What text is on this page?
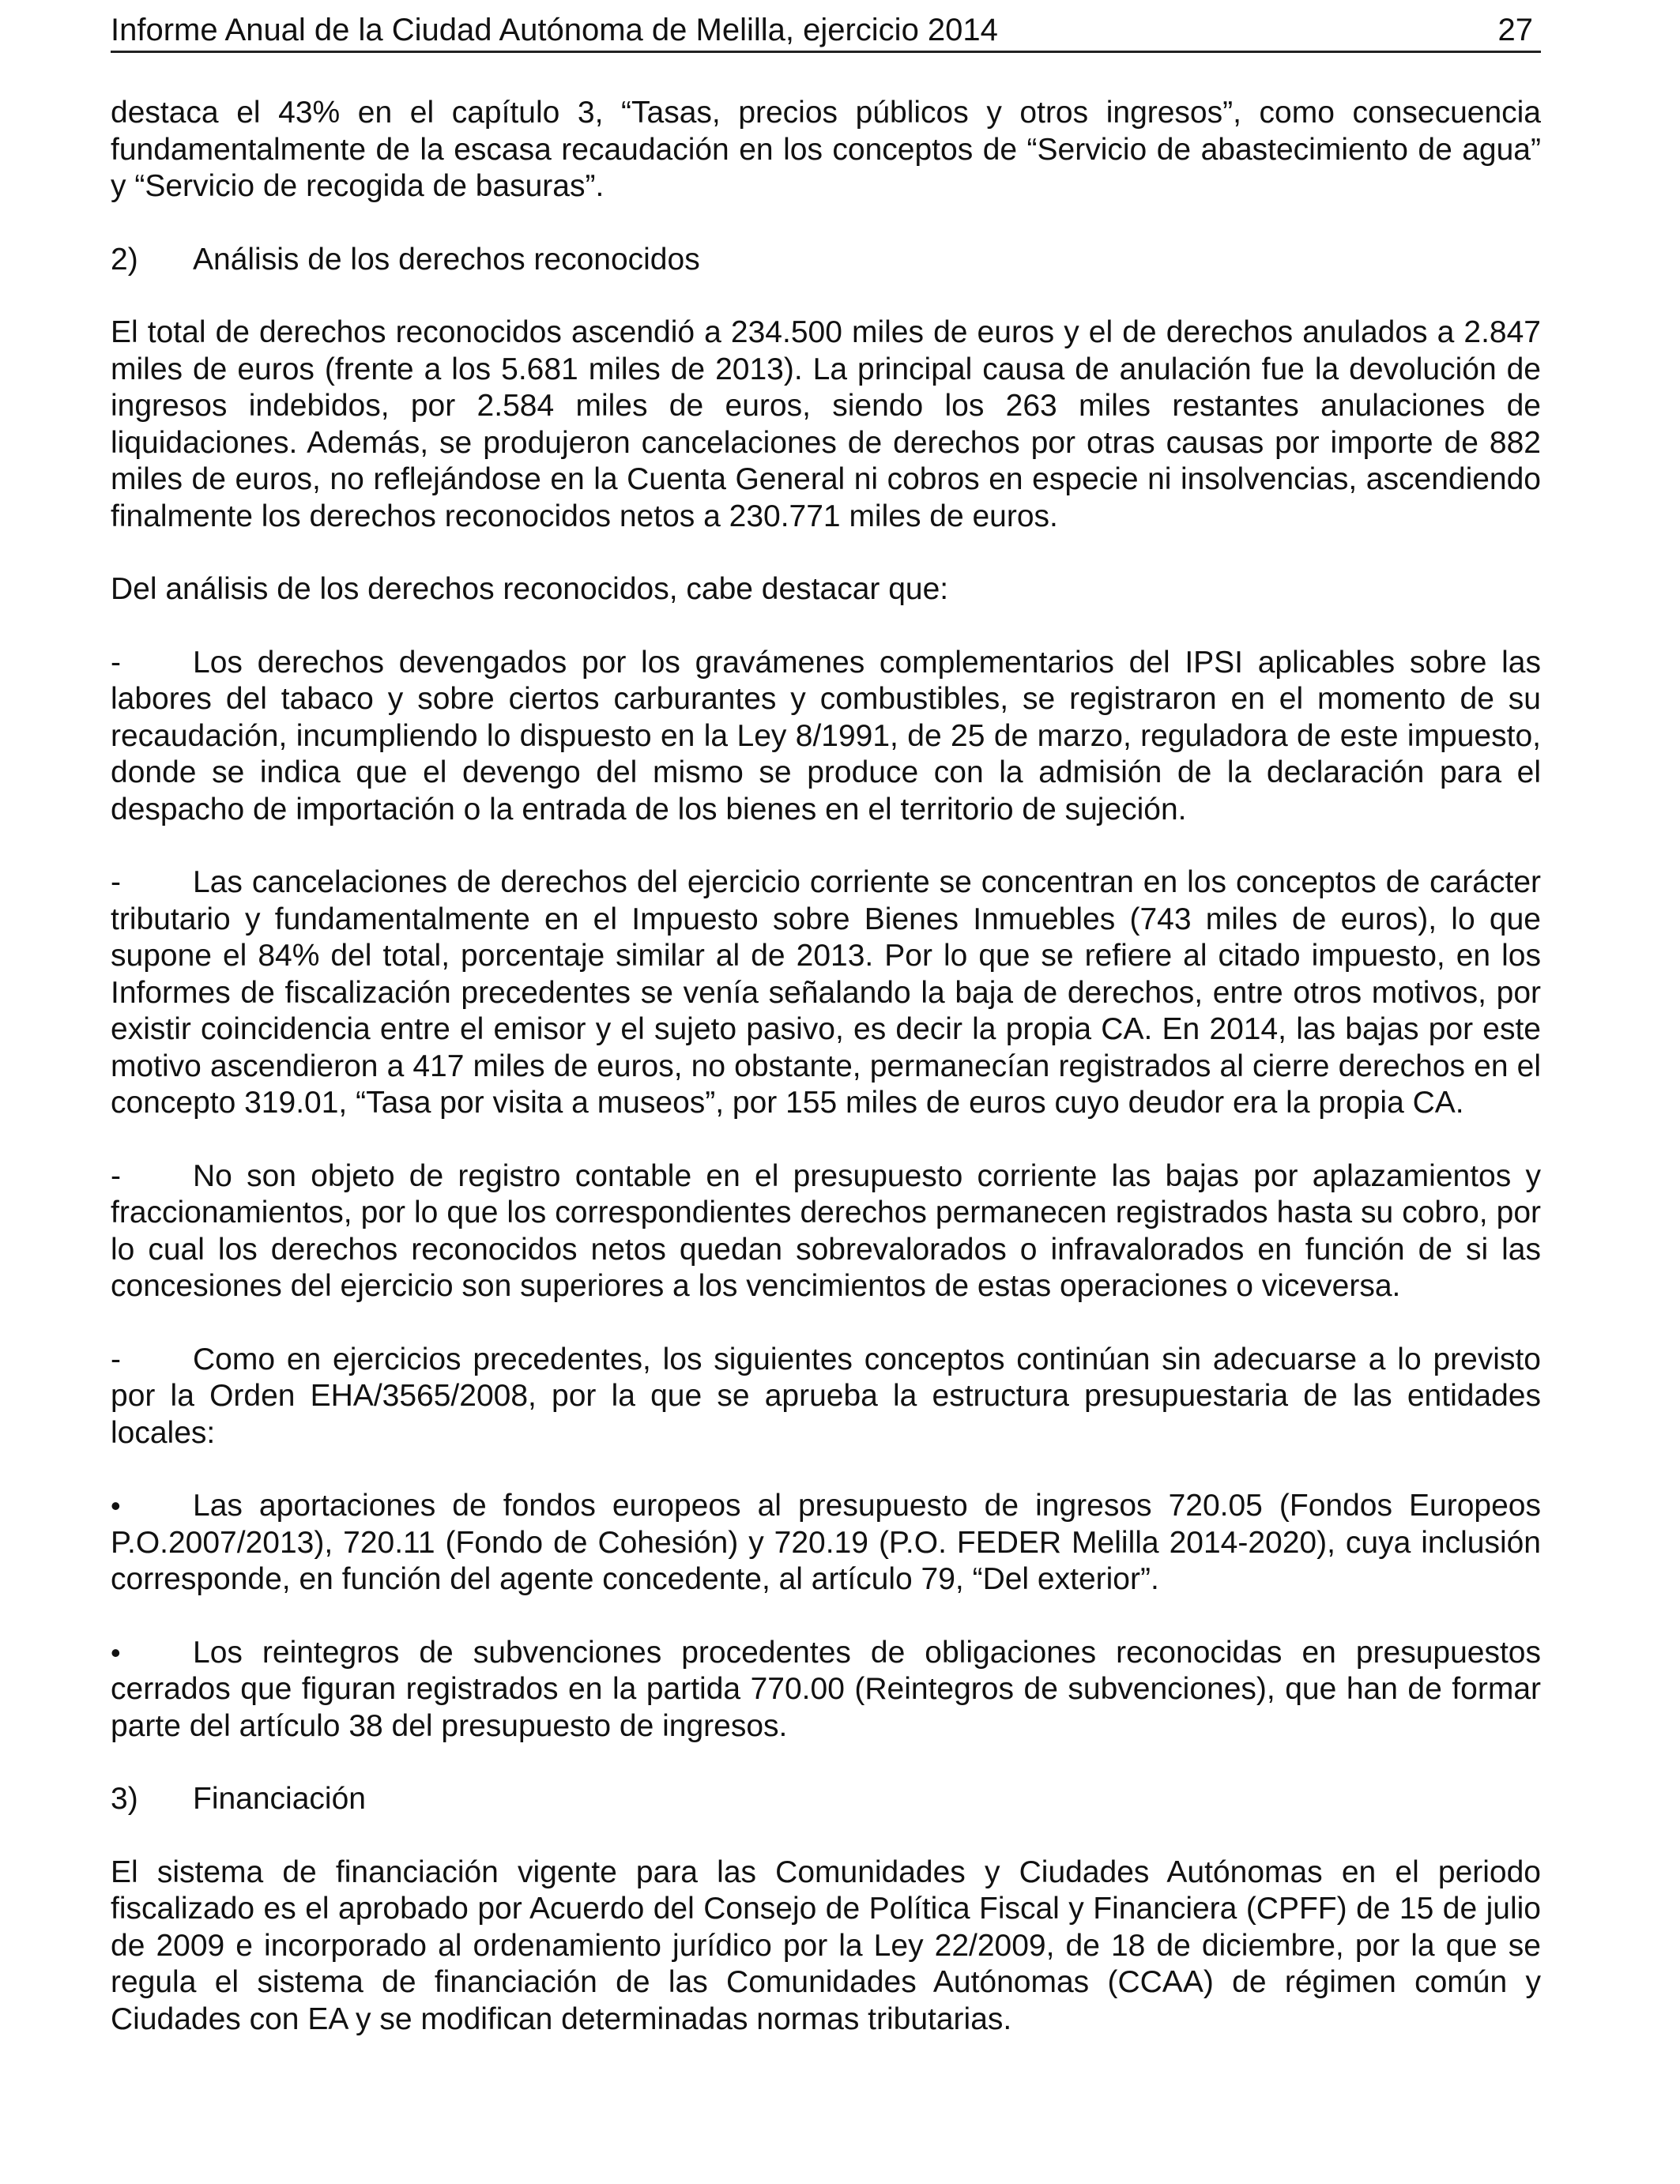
Informe Anual de la Ciudad Autónoma de Melilla, ejercicio 2014	27

destaca el 43% en el capítulo 3, “Tasas, precios públicos y otros ingresos”, como consecuencia fundamentalmente de la escasa recaudación en los conceptos de “Servicio de abastecimiento de agua” y “Servicio de recogida de basuras”.

2) Análisis de los derechos reconocidos

El total de derechos reconocidos ascendió a 234.500 miles de euros y el de derechos anulados a 2.847 miles de euros (frente a los 5.681 miles de 2013). La principal causa de anulación fue la devolución de ingresos indebidos, por 2.584 miles de euros, siendo los 263 miles restantes anulaciones de liquidaciones. Además, se produjeron cancelaciones de derechos por otras causas por importe de 882 miles de euros, no reflejándose en la Cuenta General ni cobros en especie ni insolvencias, ascendiendo finalmente los derechos reconocidos netos a 230.771 miles de euros.

Del análisis de los derechos reconocidos, cabe destacar que:

- Los derechos devengados por los gravámenes complementarios del IPSI aplicables sobre las labores del tabaco y sobre ciertos carburantes y combustibles, se registraron en el momento de su recaudación, incumpliendo lo dispuesto en la Ley 8/1991, de 25 de marzo, reguladora de este impuesto, donde se indica que el devengo del mismo se produce con la admisión de la declaración para el despacho de importación o la entrada de los bienes en el territorio de sujeción.

- Las cancelaciones de derechos del ejercicio corriente se concentran en los conceptos de carácter tributario y fundamentalmente en el Impuesto sobre Bienes Inmuebles (743 miles de euros), lo que supone el 84% del total, porcentaje similar al de 2013. Por lo que se refiere al citado impuesto, en los Informes de fiscalización precedentes se venía señalando la baja de derechos, entre otros motivos, por existir coincidencia entre el emisor y el sujeto pasivo, es decir la propia CA. En 2014, las bajas por este motivo ascendieron a 417 miles de euros, no obstante, permanecían registrados al cierre derechos en el concepto 319.01, “Tasa por visita a museos”, por 155 miles de euros cuyo deudor era la propia CA.

- No son objeto de registro contable en el presupuesto corriente las bajas por aplazamientos y fraccionamientos, por lo que los correspondientes derechos permanecen registrados hasta su cobro, por lo cual los derechos reconocidos netos quedan sobrevalorados o infravalorados en función de si las concesiones del ejercicio son superiores a los vencimientos de estas operaciones o viceversa.

- Como en ejercicios precedentes, los siguientes conceptos continúan sin adecuarse a lo previsto por la Orden EHA/3565/2008, por la que se aprueba la estructura presupuestaria de las entidades locales:

• Las aportaciones de fondos europeos al presupuesto de ingresos 720.05 (Fondos Europeos P.O.2007/2013), 720.11 (Fondo de Cohesión) y 720.19 (P.O. FEDER Melilla 2014-2020), cuya inclusión corresponde, en función del agente concedente, al artículo 79, “Del exterior”.

• Los reintegros de subvenciones procedentes de obligaciones reconocidas en presupuestos cerrados que figuran registrados en la partida 770.00 (Reintegros de subvenciones), que han de formar parte del artículo 38 del presupuesto de ingresos.

3) Financiación

El sistema de financiación vigente para las Comunidades y Ciudades Autónomas en el periodo fiscalizado es el aprobado por Acuerdo del Consejo de Política Fiscal y Financiera (CPFF) de 15 de julio de 2009 e incorporado al ordenamiento jurídico por la Ley 22/2009, de 18 de diciembre, por la que se regula el sistema de financiación de las Comunidades Autónomas (CCAA) de régimen común y Ciudades con EA y se modifican determinadas normas tributarias.
